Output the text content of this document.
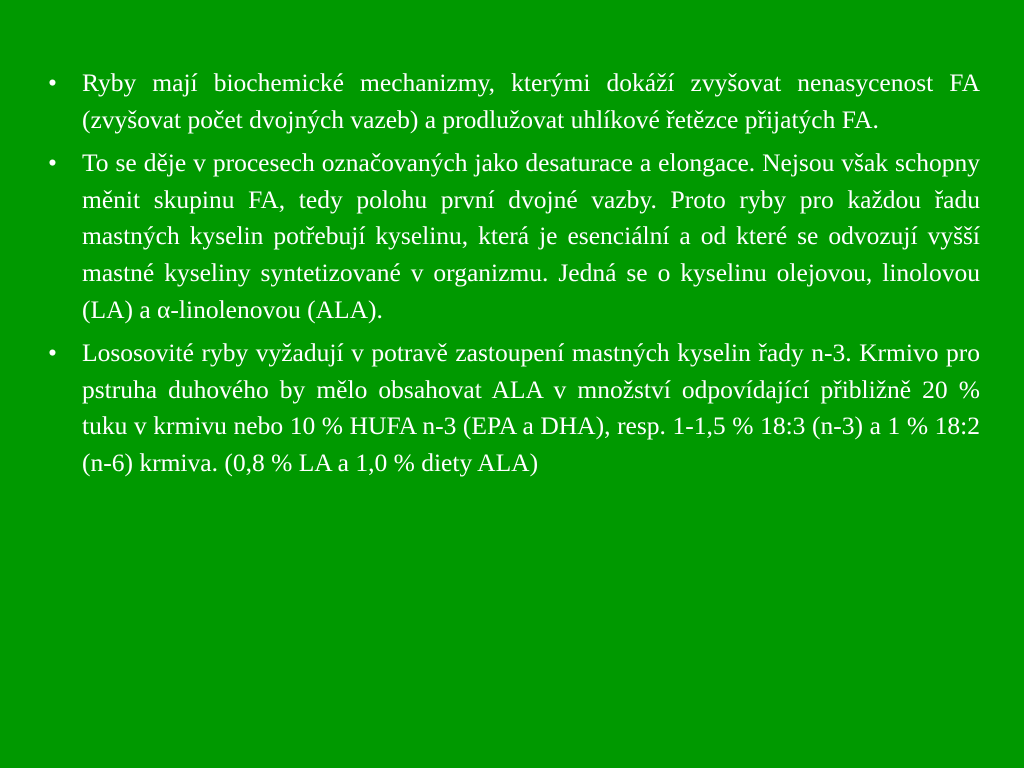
• Ryby mají biochemické mechanizmy, kterými dokáží zvyšovat nenasycenost FA (zvyšovat počet dvojných vazeb) a prodlužovat uhlíkové řetězce přijatých FA.
• To se děje v procesech označovaných jako desaturace a elongace. Nejsou však schopny měnit skupinu FA, tedy polohu první dvojné vazby. Proto ryby pro každou řadu mastných kyselin potřebují kyselinu, která je esenciální a od které se odvozují vyšší mastné kyseliny syntetizované v organizmu. Jedná se o kyselinu olejovou, linolovou (LA) a α-linolenovou (ALA).
• Lososovité ryby vyžadují v potravě zastoupení mastných kyselin řady n-3. Krmivo pro pstruha duhového by mělo obsahovat ALA v množství odpovídající přibližně 20 % tuku v krmivu nebo 10 % HUFA n-3 (EPA a DHA), resp. 1-1,5 % 18:3 (n-3) a 1 % 18:2 (n-6) krmiva. (0,8 % LA a 1,0 % diety ALA)
